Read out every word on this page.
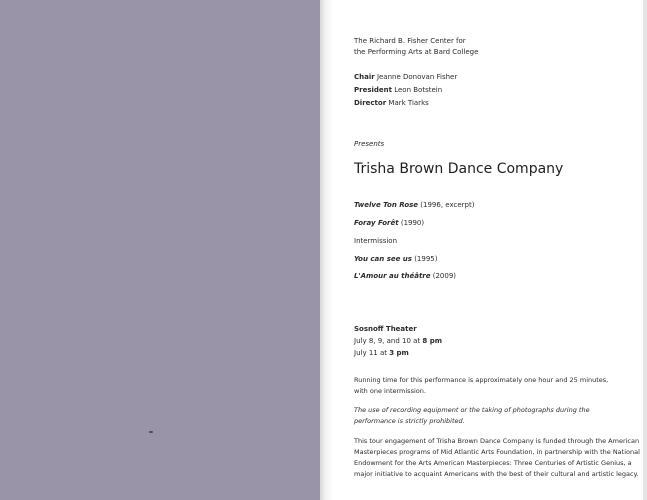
The Richard B. Fisher Center for
the Performing Arts at Bard College
Chair Jeanne Donovan Fisher
President Leon Botstein
Director Mark Tiarks
Presents
Trisha Brown Dance Company
Twelve Ton Rose (1996, excerpt)
Foray Forêt (1990)
Intermission
You can see us (1995)
L'Amour au théâtre (2009)
Sosnoff Theater
July 8, 9, and 10 at 8 pm
July 11 at 3 pm
Running time for this performance is approximately one hour and 25 minutes, with one intermission.
The use of recording equipment or the taking of photographs during the performance is strictly prohibited.
This tour engagement of Trisha Brown Dance Company is funded through the American Masterpieces programs of Mid Atlantic Arts Foundation, in partnership with the National Endowment for the Arts American Masterpieces: Three Centuries of Artistic Genius, a major initiative to acquaint Americans with the best of their cultural and artistic legacy.
